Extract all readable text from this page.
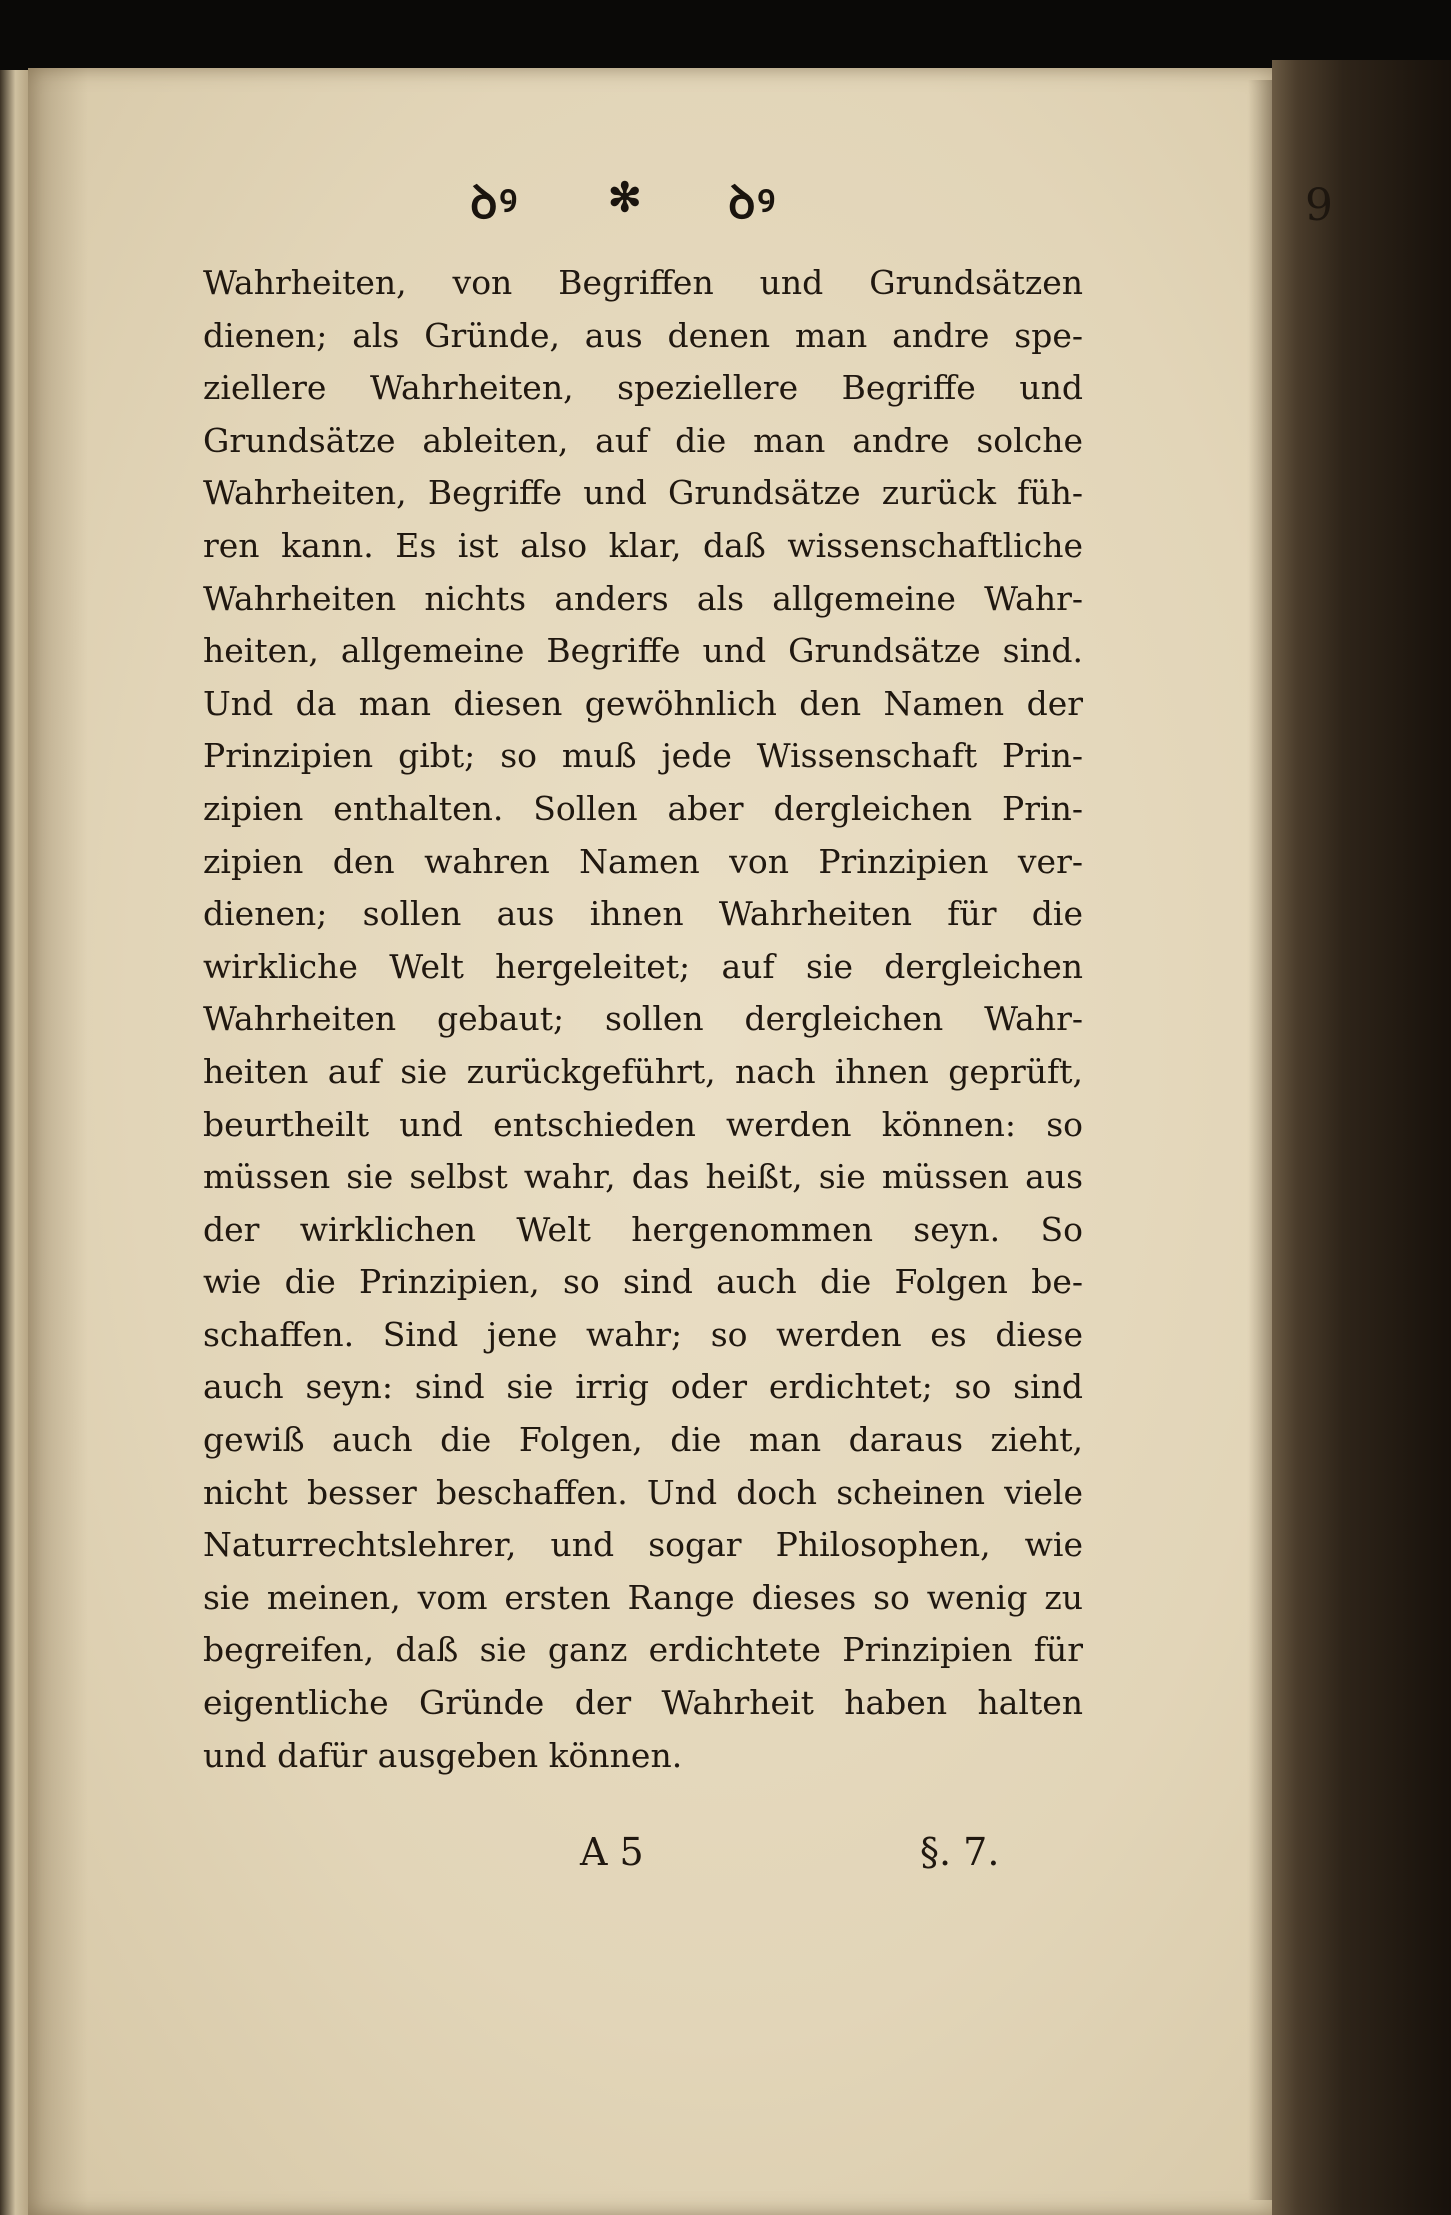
ꝺꝰ ✻ ꝺꝰ	9
Wahrheiten, von Begriffen und Grundsätzen
dienen; als Gründe, aus denen man andre spe-
ziellere Wahrheiten, speziellere Begriffe und
Grundsätze ableiten, auf die man andre solche
Wahrheiten, Begriffe und Grundsätze zurück füh-
ren kann. Es ist also klar, daß wissenschaftliche
Wahrheiten nichts anders als allgemeine Wahr-
heiten, allgemeine Begriffe und Grundsätze sind.
Und da man diesen gewöhnlich den Namen der
Prinzipien gibt; so muß jede Wissenschaft Prin-
zipien enthalten. Sollen aber dergleichen Prin-
zipien den wahren Namen von Prinzipien ver-
dienen; sollen aus ihnen Wahrheiten für die
wirkliche Welt hergeleitet; auf sie dergleichen
Wahrheiten gebaut; sollen dergleichen Wahr-
heiten auf sie zurückgeführt, nach ihnen geprüft,
beurtheilt und entschieden werden können: so
müssen sie selbst wahr, das heißt, sie müssen aus
der wirklichen Welt hergenommen seyn. So
wie die Prinzipien, so sind auch die Folgen be-
schaffen. Sind jene wahr; so werden es diese
auch seyn: sind sie irrig oder erdichtet; so sind
gewiß auch die Folgen, die man daraus zieht,
nicht besser beschaffen. Und doch scheinen viele
Naturrechtslehrer, und sogar Philosophen, wie
sie meinen, vom ersten Range dieses so wenig zu
begreifen, daß sie ganz erdichtete Prinzipien für
eigentliche Gründe der Wahrheit haben halten
und dafür ausgeben können.
A 5	§. 7.
